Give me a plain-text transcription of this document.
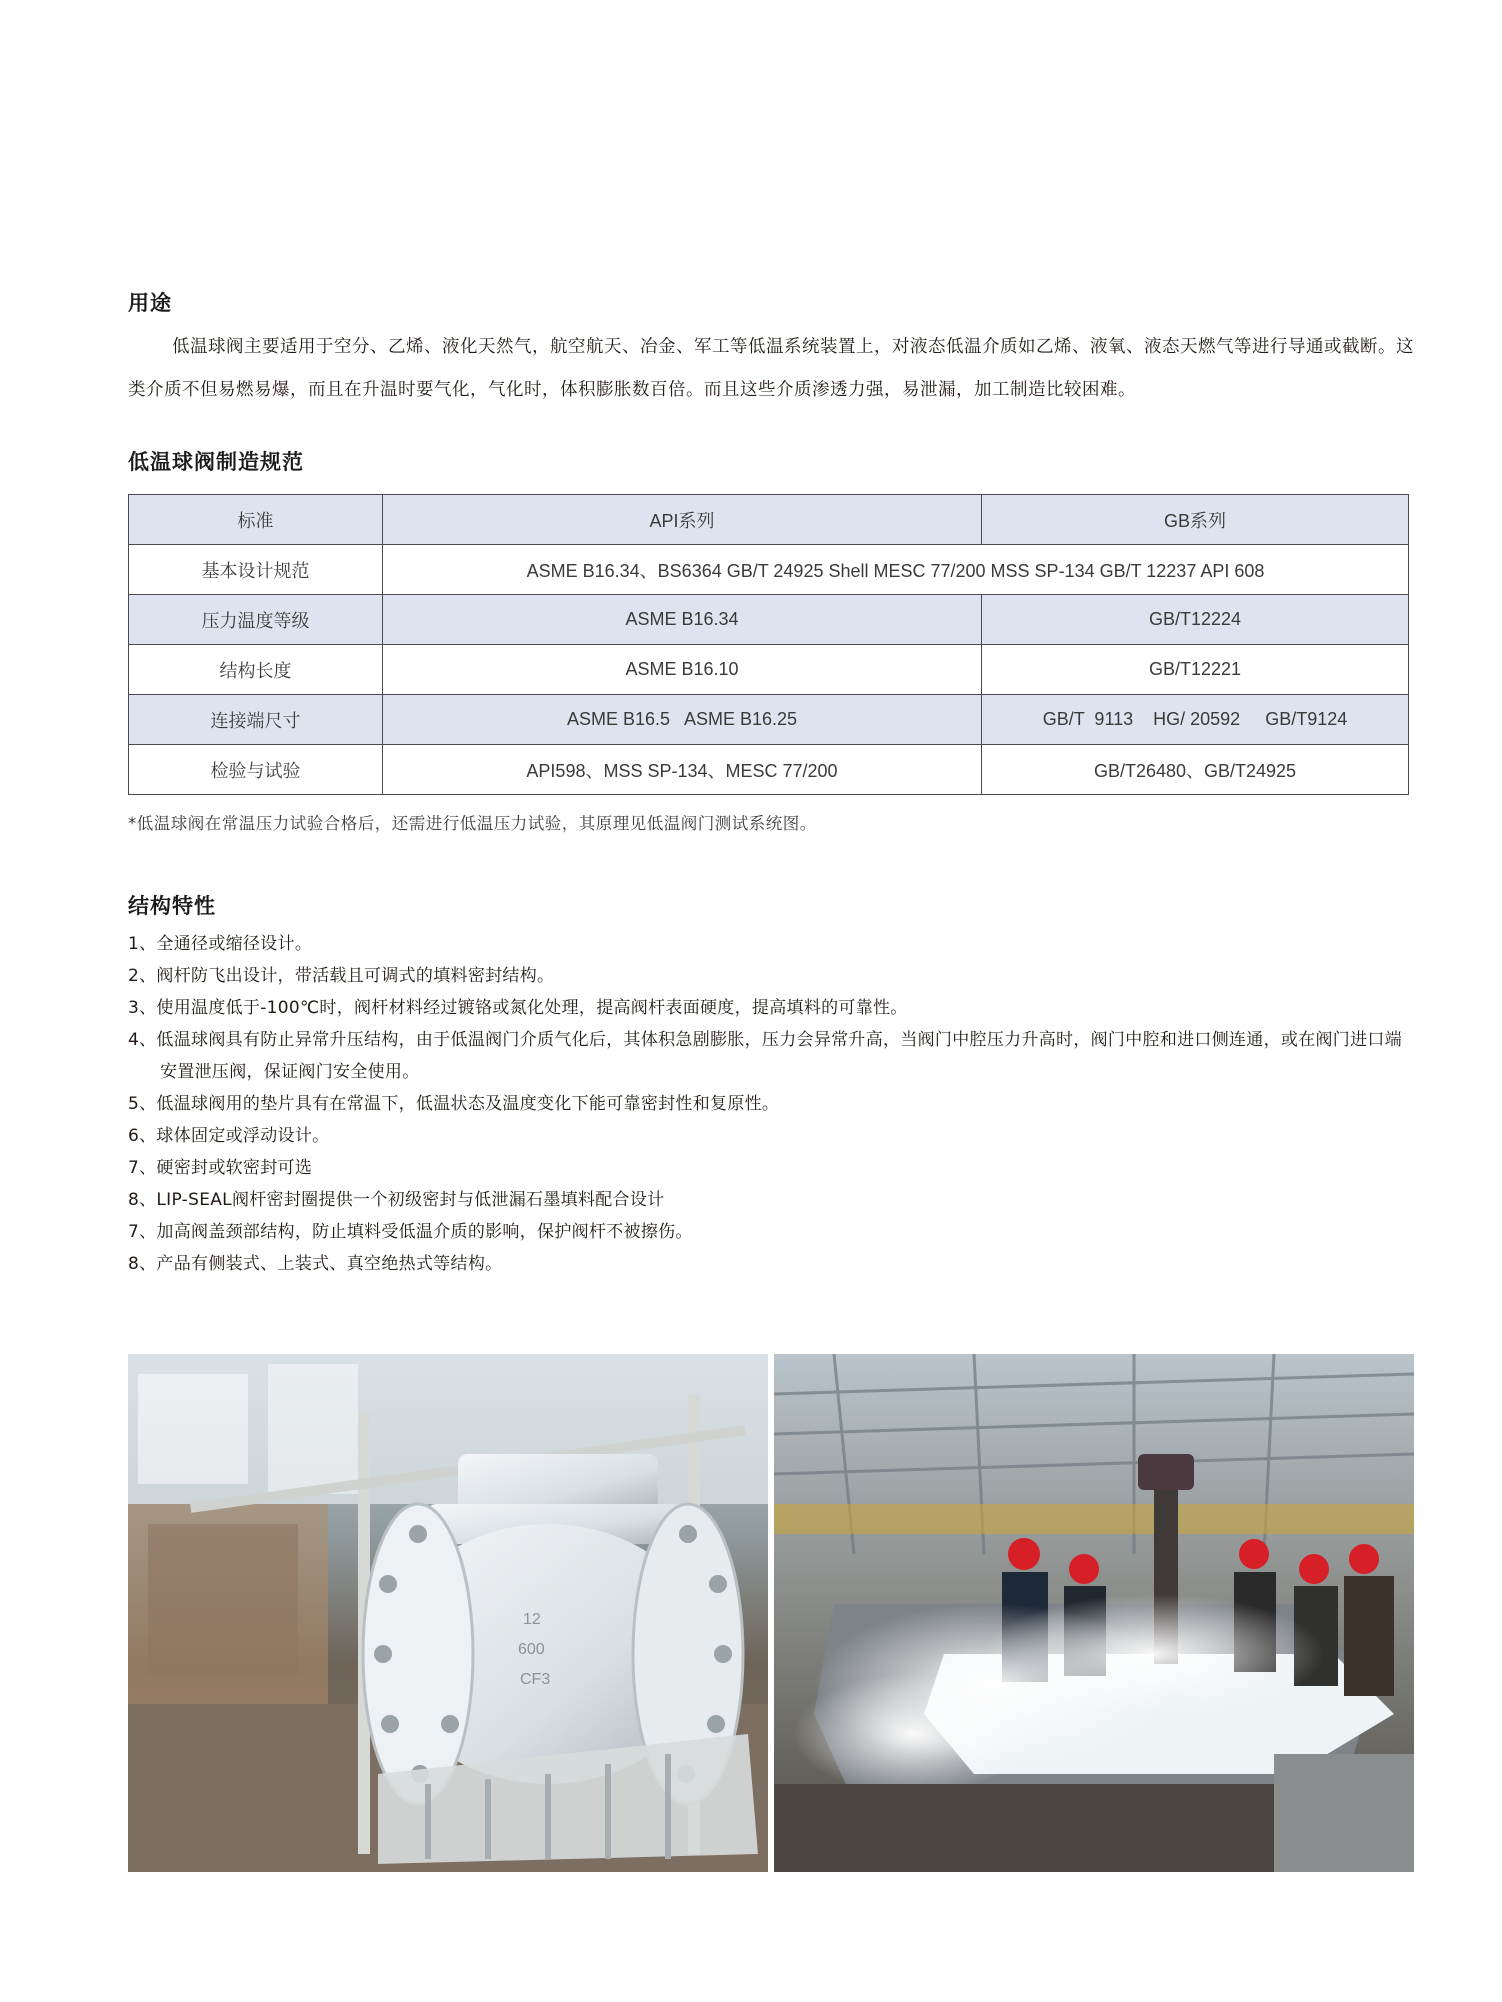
用途

低温球阀主要适用于空分、乙烯、液化天然气，航空航天、冶金、军工等低温系统装置上，对液态低温介质如乙烯、液氧、液态天燃气等进行导通或截断。这类介质不但易燃易爆，而且在升温时要气化，气化时，体积膨胀数百倍。而且这些介质渗透力强，易泄漏，加工制造比较困难。

低温球阀制造规范
标准	API系列	GB系列
基本设计规范	ASME B16.34、BS6364 GB/T 24925 Shell MESC 77/200 MSS SP-134 GB/T 12237 API 608	
压力温度等级	ASME B16.34	GB/T12224
结构长度	ASME B16.10	GB/T12221
连接端尺寸	ASME B16.5   ASME B16.25	GB/T  9113    HG/ 20592     GB/T9124
检验与试验	API598、MSS SP-134、MESC 77/200	GB/T26480、GB/T24925

*低温球阀在常温压力试验合格后，还需进行低温压力试验，其原理见低温阀门测试系统图。

结构特性
1、全通径或缩径设计。
2、阀杆防飞出设计，带活载且可调式的填料密封结构。
3、使用温度低于-100℃时，阀杆材料经过镀铬或氮化处理，提高阀杆表面硬度，提高填料的可靠性。
4、低温球阀具有防止异常升压结构，由于低温阀门介质气化后，其体积急剧膨胀，压力会异常升高，当阀门中腔压力升高时，阀门中腔和进口侧连通，或在阀门进口端安置泄压阀，保证阀门安全使用。
5、低温球阀用的垫片具有在常温下，低温状态及温度变化下能可靠密封性和复原性。
6、球体固定或浮动设计。
7、硬密封或软密封可选
8、LIP-SEAL阀杆密封圈提供一个初级密封与低泄漏石墨填料配合设计
7、加高阀盖颈部结构，防止填料受低温介质的影响，保护阀杆不被擦伤。
8、产品有侧装式、上装式、真空绝热式等结构。
12
600
CF3
